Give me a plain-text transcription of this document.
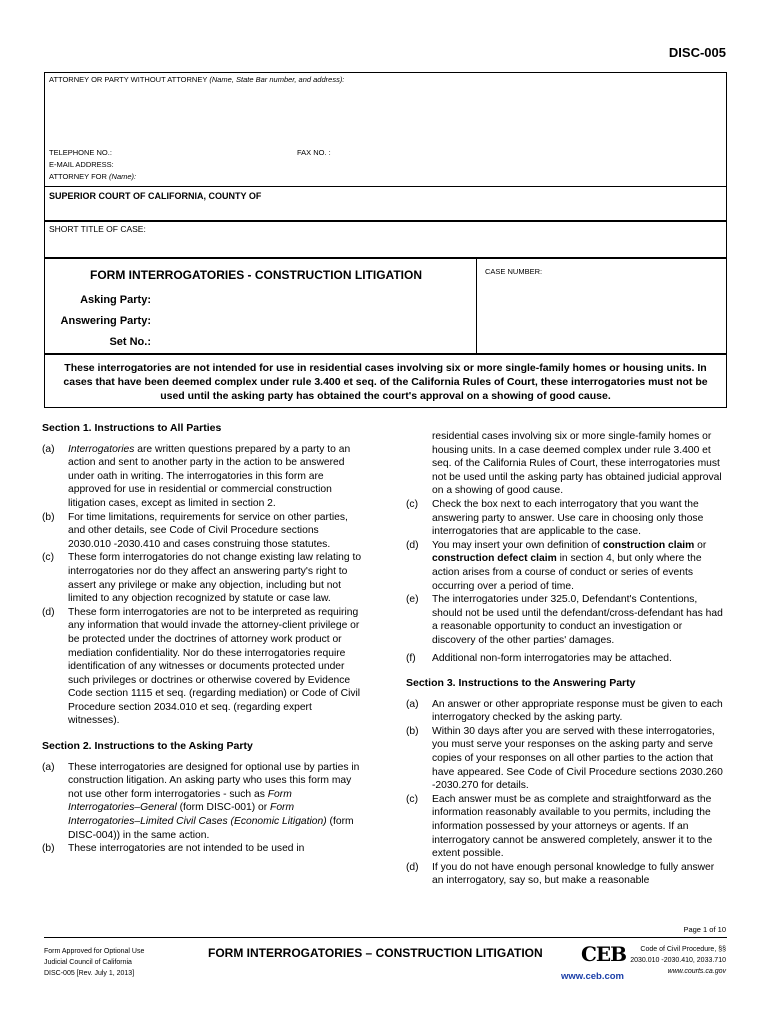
DISC-005
ATTORNEY OR PARTY WITHOUT ATTORNEY (Name, State Bar number, and address):
TELEPHONE NO.:	FAX NO. :
E-MAIL ADDRESS:
ATTORNEY FOR (Name):
SUPERIOR COURT OF CALIFORNIA, COUNTY OF
SHORT TITLE OF CASE:
FORM INTERROGATORIES - CONSTRUCTION LITIGATION	CASE NUMBER:
Asking Party:
Answering Party:
Set No.:
These interrogatories are not intended for use in residential cases involving six or more single-family homes or housing units. In cases that have been deemed complex under rule 3.400 et seq. of the California Rules of Court, these interrogatories must not be used until the asking party has obtained the court's approval on a showing of good cause.
Section 1. Instructions to All Parties

(a) Interrogatories are written questions prepared by a party to an action and sent to another party in the action to be answered under oath in writing. The interrogatories in this form are approved for use in residential or commercial construction litigation cases, except as limited in section 2.

(b) For time limitations, requirements for service on other parties, and other details, see Code of Civil Procedure sections 2030.010 -2030.410 and cases construing those statutes.

(c) These form interrogatories do not change existing law relating to interrogatories nor do they affect an answering party's right to assert any privilege or make any objection, including but not limited to any objection recognized by statute or case law.

(d) These form interrogatories are not to be interpreted as requiring any information that would invade the attorney-client privilege or be protected under the doctrines of attorney work product or mediation confidentiality. Nor do these interrogatories require identification of any witnesses or documents protected under such privileges or doctrines or otherwise covered by Evidence Code section 1115 et seq. (regarding mediation) or Code of Civil Procedure section 2034.010 et seq. (regarding expert witnesses).

Section 2. Instructions to the Asking Party

(a) These interrogatories are designed for optional use by parties in construction litigation. An asking party who uses this form may not use other form interrogatories - such as Form Interrogatories–General (form DISC-001) or Form Interrogatories–Limited Civil Cases (Economic Litigation) (form DISC-004)) in the same action.

(b) These interrogatories are not intended to be used in

residential cases involving six or more single-family homes or housing units. In a case deemed complex under rule 3.400 et seq. of the California Rules of Court, these interrogatories must not be used until the asking party has obtained judicial approval on a showing of good cause.

(c) Check the box next to each interrogatory that you want the answering party to answer. Use care in choosing only those interrogatories that are applicable to the case.

(d) You may insert your own definition of construction claim or construction defect claim in section 4, but only where the action arises from a course of conduct or series of events occurring over a period of time.

(e) The interrogatories under 325.0, Defendant's Contentions, should not be used until the defendant/cross-defendant has had a reasonable opportunity to conduct an investigation or discovery of the other parties' damages.

(f) Additional non-form interrogatories may be attached.

Section 3. Instructions to the Answering Party

(a) An answer or other appropriate response must be given to each interrogatory checked by the asking party.

(b) Within 30 days after you are served with these interrogatories, you must serve your responses on the asking party and serve copies of your responses on all other parties to the action that have appeared. See Code of Civil Procedure sections 2030.260 -2030.270 for details.

(c) Each answer must be as complete and straightforward as the information reasonably available to you permits, including the information possessed by your attorneys or agents. If an interrogatory cannot be answered completely, answer it to the extent possible.

(d) If you do not have enough personal knowledge to fully answer an interrogatory, say so, but make a reasonable

Page 1 of 10
Form Approved for Optional Use
Judicial Council of California
DISC-005 [Rev. July 1, 2013]
FORM INTERROGATORIES – CONSTRUCTION LITIGATION CEB
www.ceb.com
Code of Civil Procedure, §§
2030.010 -2030.410, 2033.710
www.courts.ca.gov
